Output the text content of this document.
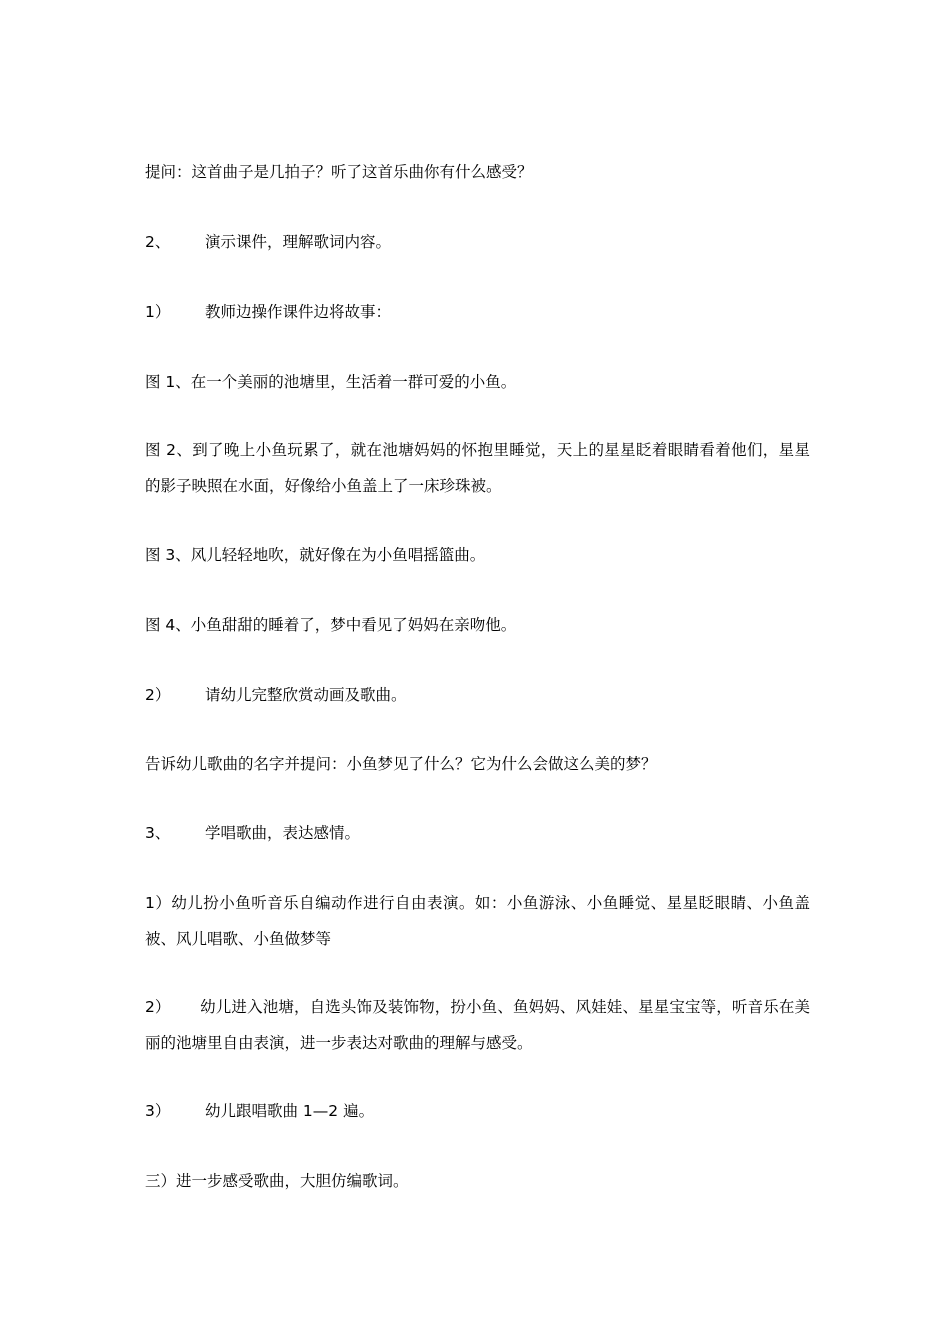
提问：这首曲子是几拍子？听了这首乐曲你有什么感受？
2、 演示课件，理解歌词内容。
1） 教师边操作课件边将故事：
图 1、在一个美丽的池塘里，生活着一群可爱的小鱼。
图 2、到了晚上小鱼玩累了，就在池塘妈妈的怀抱里睡觉，天上的星星眨着眼睛看着他们，星星的影子映照在水面，好像给小鱼盖上了一床珍珠被。
图 3、风儿轻轻地吹，就好像在为小鱼唱摇篮曲。
图 4、小鱼甜甜的睡着了，梦中看见了妈妈在亲吻他。
2） 请幼儿完整欣赏动画及歌曲。
告诉幼儿歌曲的名字并提问：小鱼梦见了什么？它为什么会做这么美的梦？
3、 学唱歌曲，表达感情。
1）幼儿扮小鱼听音乐自编动作进行自由表演。如：小鱼游泳、小鱼睡觉、星星眨眼睛、小鱼盖被、风儿唱歌、小鱼做梦等
2） 幼儿进入池塘，自选头饰及装饰物，扮小鱼、鱼妈妈、风娃娃、星星宝宝等，听音乐在美丽的池塘里自由表演，进一步表达对歌曲的理解与感受。
3） 幼儿跟唱歌曲 1—2 遍。
三）进一步感受歌曲，大胆仿编歌词。
